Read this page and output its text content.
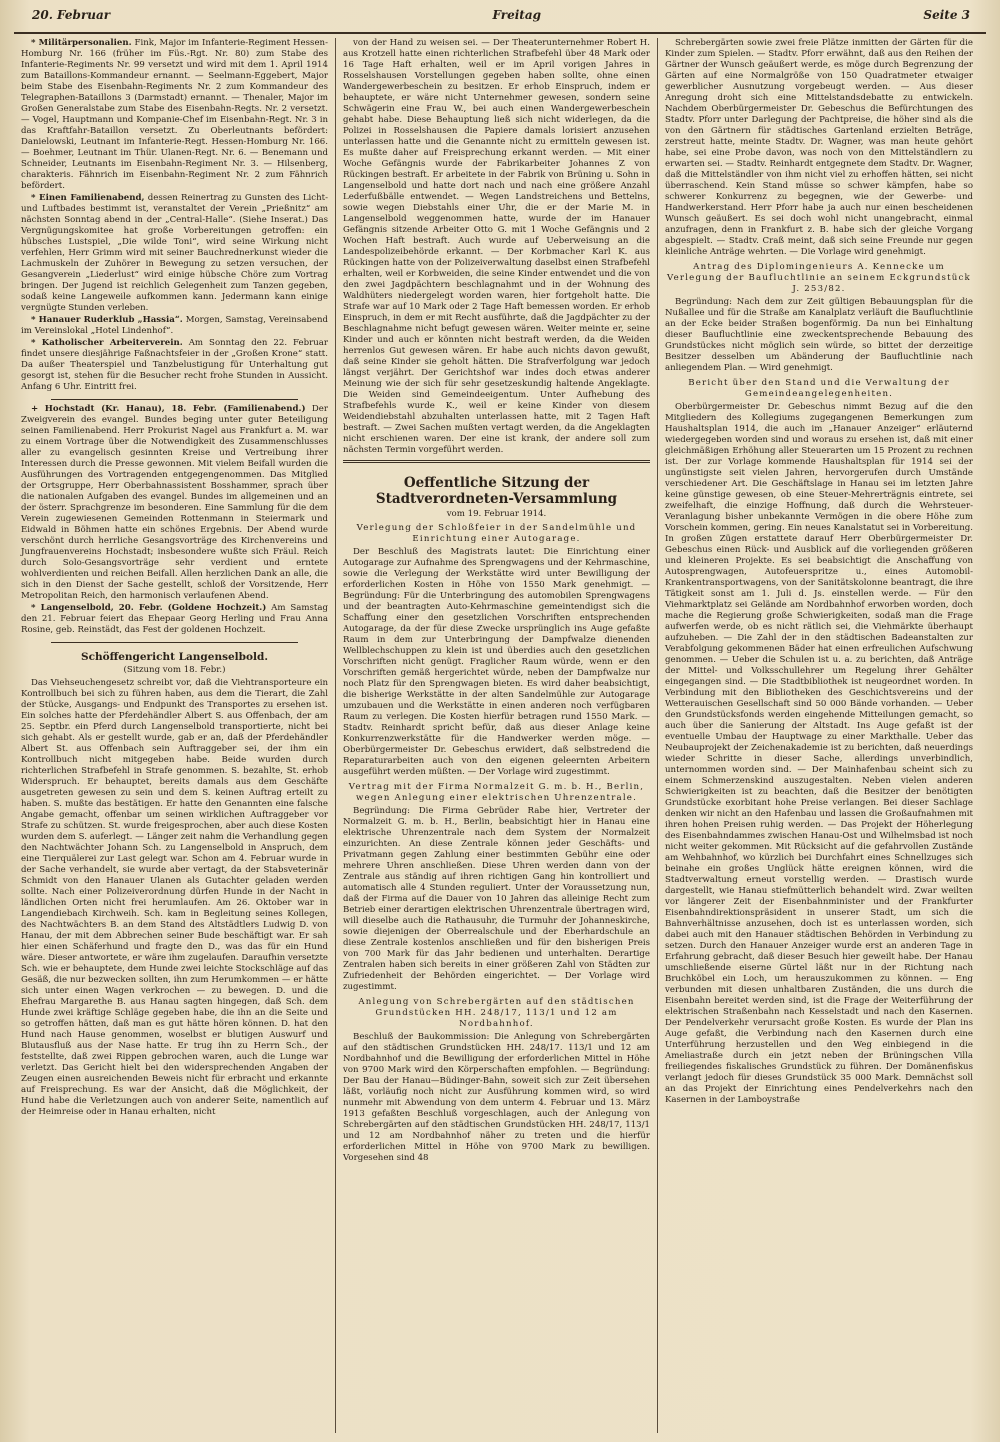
20. Februar	Freitag	Seite 3

* Militärpersonalien. Fink, Major im Infanterie-Regiment Hessen-Homburg Nr. 166 (früher im Füs.-Rgt. Nr. 80) zum Stabe des Infanterie-Regiments Nr. 99 versetzt und wird mit dem 1. April 1914 zum Bataillons-Kommandeur ernannt. — Seelmann-Eggebert, Major beim Stabe des Eisenbahn-Regiments Nr. 2 zum Kommandeur des Telegraphen-Bataillons 3 (Darmstadt) ernannt. — Thenaler, Major im Großen Generalstabe zum Stabe des Eisenbahn-Regts. Nr. 2 versetzt. — Vogel, Hauptmann und Kompanie-Chef im Eisenbahn-Regt. Nr. 3 in das Kraftfahr-Bataillon versetzt. Zu Oberleutnants befördert: Danielowski, Leutnant im Infanterie-Regt. Hessen-Homburg Nr. 166. — Boehmer, Leutnant im Thür. Ulanen-Regt. Nr. 6. — Benemann und Schneider, Leutnants im Eisenbahn-Regiment Nr. 3. — Hilsenberg, charakteris. Fähnrich im Eisenbahn-Regiment Nr. 2 zum Fähnrich befördert.

* Einen Familienabend, dessen Reinertrag zu Gunsten des Licht- und Luftbades bestimmt ist, veranstaltet der Verein „Prießnitz“ am nächsten Sonntag abend in der „Central-Halle“. (Siehe Inserat.) Das Vergnügungskomitee hat große Vorbereitungen getroffen: ein hübsches Lustspiel, „Die wilde Toni“, wird seine Wirkung nicht verfehlen, Herr Grimm wird mit seiner Bauchrednerkunst wieder die Lachmuskeln der Zuhörer in Bewegung zu setzen versuchen, der Gesangverein „Liederlust“ wird einige hübsche Chöre zum Vortrag bringen. Der Jugend ist reichlich Gelegenheit zum Tanzen gegeben, sodaß keine Langeweile aufkommen kann. Jedermann kann einige vergnügte Stunden verleben.

* Hanauer Ruderklub „Hassia“. Morgen, Samstag, Vereinsabend im Vereinslokal „Hotel Lindenhof“.

* Katholischer Arbeiterverein. Am Sonntag den 22. Februar findet unsere diesjährige Faßnachtsfeier in der „Großen Krone“ statt. Da außer Theaterspiel und Tanzbelustigung für Unterhaltung gut gesorgt ist, stehen für die Besucher recht frohe Stunden in Aussicht. Anfang 6 Uhr. Eintritt frei.

+ Hochstadt (Kr. Hanau), 18. Febr. (Familienabend.) Der Zweigverein des evangel. Bundes beging unter guter Beteiligung seinen Familienabend. Herr Prokurist Nagel aus Frankfurt a. M. war zu einem Vortrage über die Notwendigkeit des Zusammenschlusses aller zu evangelisch gesinnten Kreise und Vertreibung ihrer Interessen durch die Presse gewonnen. Mit vielem Beifall wurden die Ausführungen des Vortragenden entgegengenommen. Das Mitglied der Ortsgruppe, Herr Oberbahnassistent Bosshammer, sprach über die nationalen Aufgaben des evangel. Bundes im allgemeinen und an der österr. Sprachgrenze im besonderen. Eine Sammlung für die dem Verein zugewiesenen Gemeinden Rottenmann in Steiermark und Eidwald in Böhmen hatte ein schönes Ergebnis. Der Abend wurde verschönt durch herrliche Gesangsvorträge des Kirchenvereins und Jungfrauenvereins Hochstadt; insbesondere wußte sich Fräul. Reich durch Solo-Gesangsvorträge sehr verdient und erntete wohlverdienten und reichen Beifall. Allen herzlichen Dank an alle, die sich in den Dienst der Sache gestellt, schloß der Vorsitzende, Herr Metropolitan Reich, den harmonisch verlaufenen Abend.

* Langenselbold, 20. Febr. (Goldene Hochzeit.) Am Samstag den 21. Februar feiert das Ehepaar Georg Herling und Frau Anna Rosine, geb. Reinstädt, das Fest der goldenen Hochzeit.

Schöffengericht Langenselbold.
(Sitzung vom 18. Febr.)

Das Viehseuchengesetz schreibt vor, daß die Viehtransporteure ein Kontrollbuch bei sich zu führen haben, aus dem die Tierart, die Zahl der Stücke, Ausgangs- und Endpunkt des Transportes zu ersehen ist. Ein solches hatte der Pferdehändler Albert S. aus Offenbach, der am 25. Septbr. ein Pferd durch Langenselbold transportierte, nicht bei sich gehabt. Als er gestellt wurde, gab er an, daß der Pferdehändler Albert St. aus Offenbach sein Auftraggeber sei, der ihm ein Kontrollbuch nicht mitgegeben habe. Beide wurden durch richterlichen Strafbefehl in Strafe genommen. S. bezahlte, St. erhob Widerspruch. Er behauptet, bereits damals aus dem Geschäfte ausgetreten gewesen zu sein und dem S. keinen Auftrag erteilt zu haben. S. mußte das bestätigen. Er hatte den Genannten eine falsche Angabe gemacht, offenbar um seinen wirklichen Auftraggeber vor Strafe zu schützen. St. wurde freigesprochen, aber auch diese Kosten wurden dem S. auferlegt. — Länger zeit nahm die Verhandlung gegen den Nachtwächter Johann Sch. zu Langenselbold in Anspruch, dem eine Tierquälerei zur Last gelegt war. Schon am 4. Februar wurde in der Sache verhandelt, sie wurde aber vertagt, da der Stabsveterinär Schmidt von den Hanauer Ulanen als Gutachter geladen werden sollte. Nach einer Polizeiverordnung dürfen Hunde in der Nacht in ländlichen Orten nicht frei herumlaufen. Am 26. Oktober war in Langendiebach Kirchweih. Sch. kam in Begleitung seines Kollegen, des Nachtwächters B. an dem Stand des Altstädtlers Ludwig D. von Hanau, der mit dem Abbrechen seiner Bude beschäftigt war. Er sah hier einen Schäferhund und fragte den D., was das für ein Hund wäre. Dieser antwortete, er wäre ihm zugelaufen. Daraufhin versetzte Sch. wie er behauptete, dem Hunde zwei leichte Stockschläge auf das Gesäß, die nur bezwecken sollten, ihn zum Herumkommen — er hätte sich unter einen Wagen verkrochen — zu bewegen. D. und die Ehefrau Margarethe B. aus Hanau sagten hingegen, daß Sch. dem Hunde zwei kräftige Schläge gegeben habe, die ihn an die Seite und so getroffen hätten, daß man es gut hätte hören können. D. hat den Hund nach Hause genommen, woselbst er blutigen Auswurf und Blutausfluß aus der Nase hatte. Er trug ihn zu Herrn Sch., der feststellte, daß zwei Rippen gebrochen waren, auch die Lunge war verletzt. Das Gericht hielt bei den widersprechenden Angaben der Zeugen einen ausreichenden Beweis nicht für erbracht und erkannte auf Freisprechung. Es war der Ansicht, daß die Möglichkeit, der Hund habe die Verletzungen auch von anderer Seite, namentlich auf der Heimreise oder in Hanau erhalten, nicht

von der Hand zu weisen sei. — Der Theaterunternehmer Robert H. aus Krotzell hatte einen richterlichen Strafbefehl über 48 Mark oder 16 Tage Haft erhalten, weil er im April vorigen Jahres in Rosselshausen Vorstellungen gegeben haben sollte, ohne einen Wandergewerbeschein zu besitzen. Er erhob Einspruch, indem er behauptete, er wäre nicht Unternehmer gewesen, sondern seine Schwägerin eine Frau W., bei auch einen Wandergewerbeschein gehabt habe. Diese Behauptung ließ sich nicht widerlegen, da die Polizei in Rosselshausen die Papiere damals lorisiert anzusehen unterlassen hatte und die Genannte nicht zu ermitteln gewesen ist. Es mußte daher auf Freisprechung erkannt werden. — Mit einer Woche Gefängnis wurde der Fabrikarbeiter Johannes Z von Rückingen bestraft. Er arbeitete in der Fabrik von Brüning u. Sohn in Langenselbold und hatte dort nach und nach eine größere Anzahl Lederfußbälle entwendet. — Wegen Landstreichens und Bettelns, sowie wegen Diebstahls einer Uhr, die er der Marie M. in Langenselbold weggenommen hatte, wurde der im Hanauer Gefängnis sitzende Arbeiter Otto G. mit 1 Woche Gefängnis und 2 Wochen Haft bestraft. Auch wurde auf Ueberweisung an die Landespolizeibehörde erkannt. — Der Korbmacher Karl K. aus Rückingen hatte von der Polizeiverwaltung daselbst einen Strafbefehl erhalten, weil er Korbweiden, die seine Kinder entwendet und die von den zwei Jagdpächtern beschlagnahmt und in der Wohnung des Waldhüters niedergelegt worden waren, hier fortgeholt hatte. Die Strafe war auf 10 Mark oder 2 Tage Haft bemessen worden. Er erhob Einspruch, in dem er mit Recht ausführte, daß die Jagdpächter zu der Beschlagnahme nicht befugt gewesen wären. Weiter meinte er, seine Kinder und auch er könnten nicht bestraft werden, da die Weiden herrenlos Gut gewesen wären. Er habe auch nichts davon gewußt, daß seine Kinder sie geholt hätten. Die Strafverfolgung war jedoch längst verjährt. Der Gerichtshof war indes doch etwas anderer Meinung wie der sich für sehr gesetzeskundig haltende Angeklagte. Die Weiden sind Gemeindeeigentum. Unter Aufhebung des Strafbefehls wurde K., weil er keine Kinder von diesem Weidendiebstahl abzuhalten unterlassen hatte, mit 2 Tagen Haft bestraft. — Zwei Sachen mußten vertagt werden, da die Angeklagten nicht erschienen waren. Der eine ist krank, der andere soll zum nächsten Termin vorgeführt werden.

Oeffentliche Sitzung der Stadtverordneten-Versammlung
vom 19. Februar 1914.
Verlegung der Schloßfeier in der Sandelmühle und Einrichtung einer Autogarage.

Der Beschluß des Magistrats lautet: Die Einrichtung einer Autogarage zur Aufnahme des Sprengwagens und der Kehrmaschine, sowie die Verlegung der Werkstätte wird unter Bewilligung der erforderlichen Kosten in Höhe von 1550 Mark genehmigt. — Begründung: Für die Unterbringung des automobilen Sprengwagens und der beantragten Auto-Kehrmaschine gemeintendigst sich die Schaffung einer den gesetzlichen Vorschriften entsprechenden Autogarage, da der für diese Zwecke ursprünglich ins Auge gefaßte Raum in dem zur Unterbringung der Dampfwalze dienenden Wellblechschuppen zu klein ist und überdies auch den gesetzlichen Vorschriften nicht genügt. Fraglicher Raum würde, wenn er den Vorschriften gemäß hergerichtet würde, neben der Dampfwalze nur noch Platz für den Sprengwagen bieten. Es wird daher beabsichtigt, die bisherige Werkstätte in der alten Sandelmühle zur Autogarage umzubauen und die Werkstätte in einen anderen noch verfügbaren Raum zu verlegen. Die Kosten hierfür betragen rund 1550 Mark. — Stadtv. Reinhardt spricht befür, daß aus dieser Anlage keine Konkurrenzwerkstätte für die Handwerker werden möge. — Oberbürgermeister Dr. Gebeschus erwidert, daß selbstredend die Reparaturarbeiten auch von den eigenen geleernten Arbeitern ausgeführt werden müßten. — Der Vorlage wird zugestimmt.

Vertrag mit der Firma Normalzeit G. m. b. H., Berlin, wegen Anlegung einer elektrischen Uhrenzentrale.

Begründung: Die Firma Gebrüder Rabe hier, Vertreter der Normalzeit G. m. b. H., Berlin, beabsichtigt hier in Hanau eine elektrische Uhrenzentrale nach dem System der Normalzeit einzurichten. An diese Zentrale können jeder Geschäfts- und Privatmann gegen Zahlung einer bestimmten Gebühr eine oder mehrere Uhren anschließen. Diese Uhren werden dann von der Zentrale aus ständig auf ihren richtigen Gang hin kontrolliert und automatisch alle 4 Stunden reguliert. Unter der Voraussetzung nun, daß der Firma auf die Dauer von 10 Jahren das alleinige Recht zum Betrieb einer derartigen elektrischen Uhrenzentrale übertragen wird, will dieselbe auch die Rathausuhr, die Turmuhr der Johanneskirche, sowie diejenigen der Oberrealschule und der Eberhardschule an diese Zentrale kostenlos anschließen und für den bisherigen Preis von 700 Mark für das Jahr bedienen und unterhalten. Derartige Zentralen haben sich bereits in einer größeren Zahl von Städten zur Zufriedenheit der Behörden eingerichtet. — Der Vorlage wird zugestimmt.

Anlegung von Schrebergärten auf den städtischen Grundstücken HH. 248/17, 113/1 und 12 am Nordbahnhof.

Beschluß der Baukommission: Die Anlegung von Schrebergärten auf den städtischen Grundstücken HH. 248/17. 113/1 und 12 am Nordbahnhof und die Bewilligung der erforderlichen Mittel in Höhe von 9700 Mark wird den Körperschaften empfohlen. — Begründung: Der Bau der Hanau—Büdinger-Bahn, soweit sich zur Zeit übersehen läßt, vorläufig noch nicht zur Ausführung kommen wird, so wird nunmehr mit Abwendung von dem unterm 4. Februar und 13. März 1913 gefaßten Beschluß vorgeschlagen, auch der Anlegung von Schrebergärten auf den städtischen Grundstücken HH. 248/17, 113/1 und 12 am Nordbahnhof näher zu treten und die hierfür erforderlichen Mittel in Höhe von 9700 Mark zu bewilligen. Vorgesehen sind 48

Schrebergärten sowie zwei freie Plätze inmitten der Gärten für die Kinder zum Spielen. — Stadtv. Pforr erwähnt, daß aus den Reihen der Gärtner der Wunsch geäußert werde, es möge durch Begrenzung der Gärten auf eine Normalgröße von 150 Quadratmeter etwaiger gewerblicher Ausnutzung vorgebeugt werden. — Aus dieser Anregung droht sich eine Mittelstandsdebatte zu entwickeln. Nachdem Oberbürgermeister Dr. Gebeschus die Befürchtungen des Stadtv. Pforr unter Darlegung der Pachtpreise, die höher sind als die von den Gärtnern für städtisches Gartenland erzielten Beträge, zerstreut hatte, meinte Stadtv. Dr. Wagner, was man heute gehört habe, sei eine Probe davon, was noch von den Mittelständlern zu erwarten sei. — Stadtv. Reinhardt entgegnete dem Stadtv. Dr. Wagner, daß die Mittelständler von ihm nicht viel zu erhoffen hätten, sei nicht überraschend. Kein Stand müsse so schwer kämpfen, habe so schwerer Konkurrenz zu begegnen, wie der Gewerbe- und Handwerkerstand. Herr Pforr habe ja auch nur einen bescheidenen Wunsch geäußert. Es sei doch wohl nicht unangebracht, einmal anzufragen, denn in Frankfurt z. B. habe sich der gleiche Vorgang abgespielt. — Stadtv. Craß meint, daß sich seine Freunde nur gegen kleinliche Anträge wehrten. — Die Vorlage wird genehmigt.

Antrag des Diplomingenieurs A. Kennecke um Verlegung der Baufluchtlinie an seinem Eckgrundstück J. 253/82.

Begründung: Nach dem zur Zeit gültigen Bebauungsplan für die Nußallee und für die Straße am Kanalplatz verläuft die Baufluchtlinie an der Ecke beider Straßen bogenförmig. Da nun bei Einhaltung dieser Baufluchtlinie eine zweckentsprechende Bebauung des Grundstückes nicht möglich sein würde, so bittet der derzeitige Besitzer desselben um Abänderung der Baufluchtlinie nach anliegendem Plan. — Wird genehmigt.

Bericht über den Stand und die Verwaltung der Gemeindeangelegenheiten.

Oberbürgermeister Dr. Gebeschus nimmt Bezug auf die den Mitgliedern des Kollegiums zugegangenen Bemerkungen zum Haushaltsplan 1914, die auch im „Hanauer Anzeiger“ erläuternd wiedergegeben worden sind und woraus zu ersehen ist, daß mit einer gleichmäßigen Erhöhung aller Steuerarten um 15 Prozent zu rechnen ist. Der zur Vorlage kommende Haushaltsplan für 1914 sei der ungünstigste seit vielen Jahren, hervorgerufen durch Umstände verschiedener Art. Die Geschäftslage in Hanau sei im letzten Jahre keine günstige gewesen, ob eine Steuer-Mehrerträgnis eintrete, sei zweifelhaft, die einzige Hoffnung, daß durch die Wehrsteuer-Veranlagung bisher unbekannte Vermögen in die obere Höhe zum Vorschein kommen, gering. Ein neues Kanalstatut sei in Vorbereitung. In großen Zügen erstattete darauf Herr Oberbürgermeister Dr. Gebeschus einen Rück- und Ausblick auf die vorliegenden größeren und kleineren Projekte. Es sei beabsichtigt die Anschaffung von Autosprengwagen, Autofeuerspritze u., eines Automobil-Krankentransportwagens, von der Sanitätskolonne beantragt, die ihre Tätigkeit sonst am 1. Juli d. Js. einstellen werde. — Für den Viehmarktplatz sei Gelände am Nordbahnhof erworben worden, doch mache die Regierung große Schwierigkeiten, sodaß man die Frage aufwerfen werde, ob es nicht rätlich sei, die Viehmärkte überhaupt aufzuheben. — Die Zahl der in den städtischen Badeanstalten zur Verabfolgung gekommenen Bäder hat einen erfreulichen Aufschwung genommen. — Ueber die Schulen ist u. a. zu berichten, daß Anträge der Mittel- und Volksschullehrer um Regelung ihrer Gehälter eingegangen sind. — Die Stadtbibliothek ist neugeordnet worden. In Verbindung mit den Bibliotheken des Geschichtsvereins und der Wetterauischen Gesellschaft sind 50 000 Bände vorhanden. — Ueber den Grundstücksfonds werden eingehende Mitteilungen gemacht, so auch über die Sanierung der Altstadt. Ins Auge gefaßt ist der eventuelle Umbau der Hauptwage zu einer Markthalle. Ueber das Neubauprojekt der Zeichenakademie ist zu berichten, daß neuerdings wieder Schritte in dieser Sache, allerdings unverbindlich, unternommen worden sind. — Der Mainhafenbau scheint sich zu einem Schmerzenskind auszugestalten. Neben vielen anderen Schwierigkeiten ist zu beachten, daß die Besitzer der benötigten Grundstücke exorbitant hohe Preise verlangen. Bei dieser Sachlage denken wir nicht an den Hafenbau und lassen die Großaufnahmen mit ihren hohen Preisen ruhig werden. — Das Projekt der Höherlegung des Eisenbahndammes zwischen Hanau-Ost und Wilhelmsbad ist noch nicht weiter gekommen. Mit Rücksicht auf die gefahrvollen Zustände am Wehbahnhof, wo kürzlich bei Durchfahrt eines Schnellzuges sich beinahe ein großes Unglück hätte ereignen können, wird die Stadtverwaltung erneut vorstellig werden. — Drastisch wurde dargestellt, wie Hanau stiefmütterlich behandelt wird. Zwar weilten vor längerer Zeit der Eisenbahnminister und der Frankfurter Eisenbahndirektionspräsident in unserer Stadt, um sich die Bahnverhältnisse anzusehen, doch ist es unterlassen worden, sich dabei auch mit den Hanauer städtischen Behörden in Verbindung zu setzen. Durch den Hanauer Anzeiger wurde erst an anderen Tage in Erfahrung gebracht, daß dieser Besuch hier geweilt habe. Der Hanau umschließende eiserne Gürtel läßt nur in der Richtung nach Bruchköbel ein Loch, um herauszukommen zu können. — Eng verbunden mit diesen unhaltbaren Zuständen, die uns durch die Eisenbahn bereitet werden sind, ist die Frage der Weiterführung der elektrischen Straßenbahn nach Kesselstadt und nach den Kasernen. Der Pendelverkehr verursacht große Kosten. Es wurde der Plan ins Auge gefaßt, die Verbindung nach den Kasernen durch eine Unterführung herzustellen und den Weg einbiegend in die Ameliastraße durch ein jetzt neben der Brüningschen Villa freiliegendes fiskalisches Grundstück zu führen. Der Domänenfiskus verlangt jedoch für dieses Grundstück 35 000 Mark. Demnächst soll an das Projekt der Einrichtung eines Pendelverkehrs nach den Kasernen in der Lamboystraße
